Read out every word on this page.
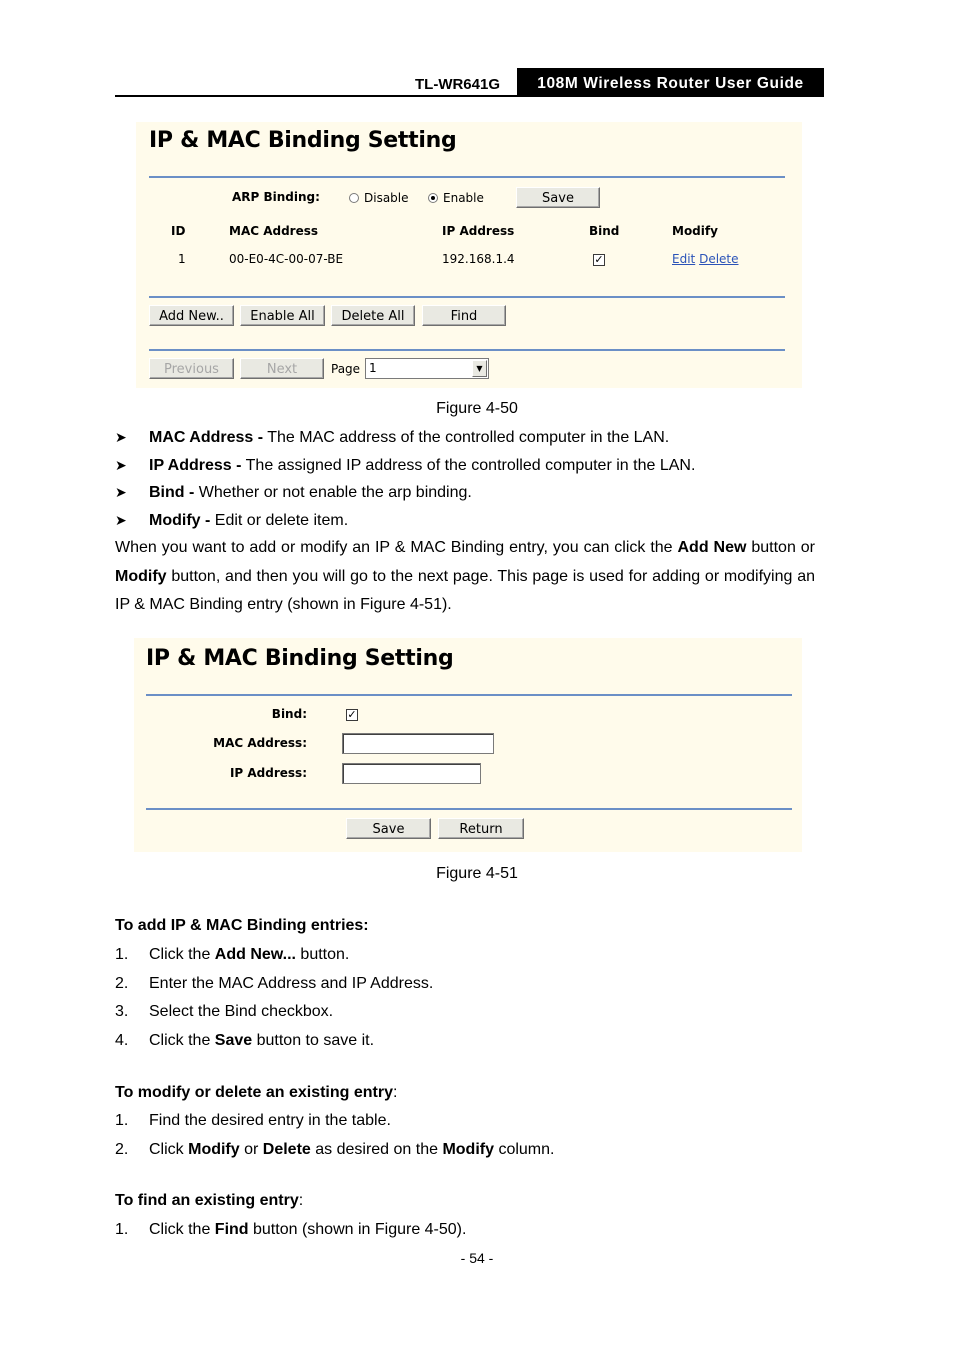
TL-WR641G	108M Wireless Router User Guide
IP & MAC Binding Setting
ARP Binding:	Disable	Enable	Save
ID	MAC Address	IP Address	Bind	Modify
1	00-E0-4C-00-07-BE	192.168.1.4	✓	Edit Delete
Add New..	Enable All	Delete All	Find
Previous	Next	Page 1	▼
Figure 4-50
➤ MAC Address - The MAC address of the controlled computer in the LAN.
➤ IP Address - The assigned IP address of the controlled computer in the LAN.
➤ Bind - Whether or not enable the arp binding.
➤ Modify - Edit or delete item.
When you want to add or modify an IP & MAC Binding entry, you can click the Add New button or Modify button, and then you will go to the next page. This page is used for adding or modifying an IP & MAC Binding entry (shown in Figure 4-51).
IP & MAC Binding Setting
Bind:	✓
MAC Address:
IP Address:
Save	Return
Figure 4-51
To add IP & MAC Binding entries:
1. Click the Add New... button.
2. Enter the MAC Address and IP Address.
3. Select the Bind checkbox.
4. Click the Save button to save it.
To modify or delete an existing entry:
1. Find the desired entry in the table.
2. Click Modify or Delete as desired on the Modify column.
To find an existing entry:
1. Click the Find button (shown in Figure 4-50).
- 54 -
